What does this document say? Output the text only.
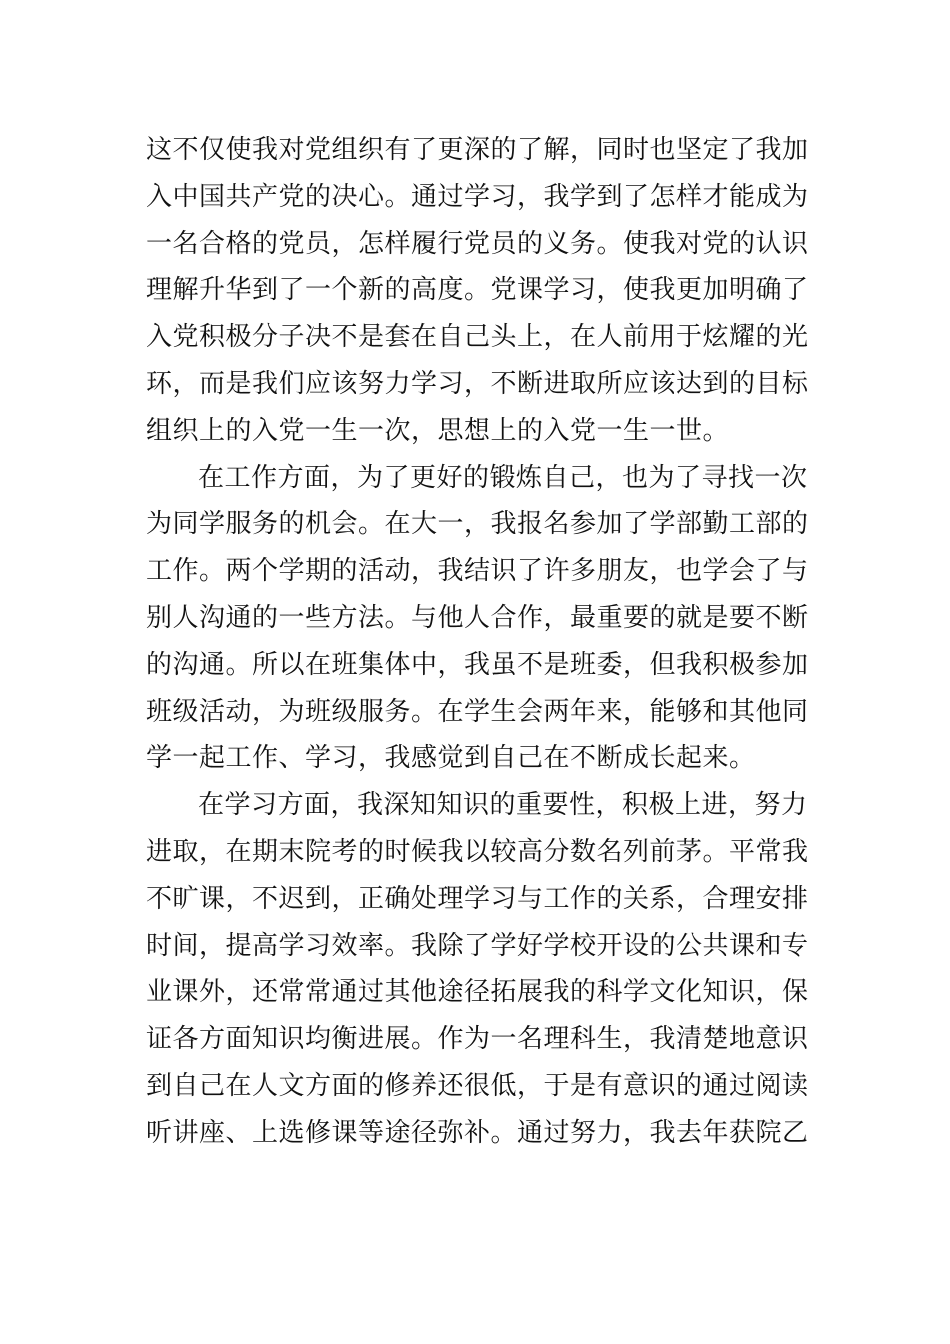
这不仅使我对党组织有了更深的了解，同时也坚定了我加
入中国共产党的决心。通过学习，我学到了怎样才能成为
一名合格的党员，怎样履行党员的义务。使我对党的认识
理解升华到了一个新的高度。党课学习，使我更加明确了
入党积极分子决不是套在自己头上，在人前用于炫耀的光
环，而是我们应该努力学习，不断进取所应该达到的目标
组织上的入党一生一次，思想上的入党一生一世。
在工作方面，为了更好的锻炼自己，也为了寻找一次
为同学服务的机会。在大一，我报名参加了学部勤工部的
工作。两个学期的活动，我结识了许多朋友，也学会了与
别人沟通的一些方法。与他人合作，最重要的就是要不断
的沟通。所以在班集体中，我虽不是班委，但我积极参加
班级活动，为班级服务。在学生会两年来，能够和其他同
学一起工作、学习，我感觉到自己在不断成长起来。
在学习方面，我深知知识的重要性，积极上进，努力
进取，在期末院考的时候我以较高分数名列前茅。平常我
不旷课，不迟到，正确处理学习与工作的关系，合理安排
时间，提高学习效率。我除了学好学校开设的公共课和专
业课外，还常常通过其他途径拓展我的科学文化知识，保
证各方面知识均衡进展。作为一名理科生，我清楚地意识
到自己在人文方面的修养还很低，于是有意识的通过阅读
听讲座、上选修课等途径弥补。通过努力，我去年获院乙
